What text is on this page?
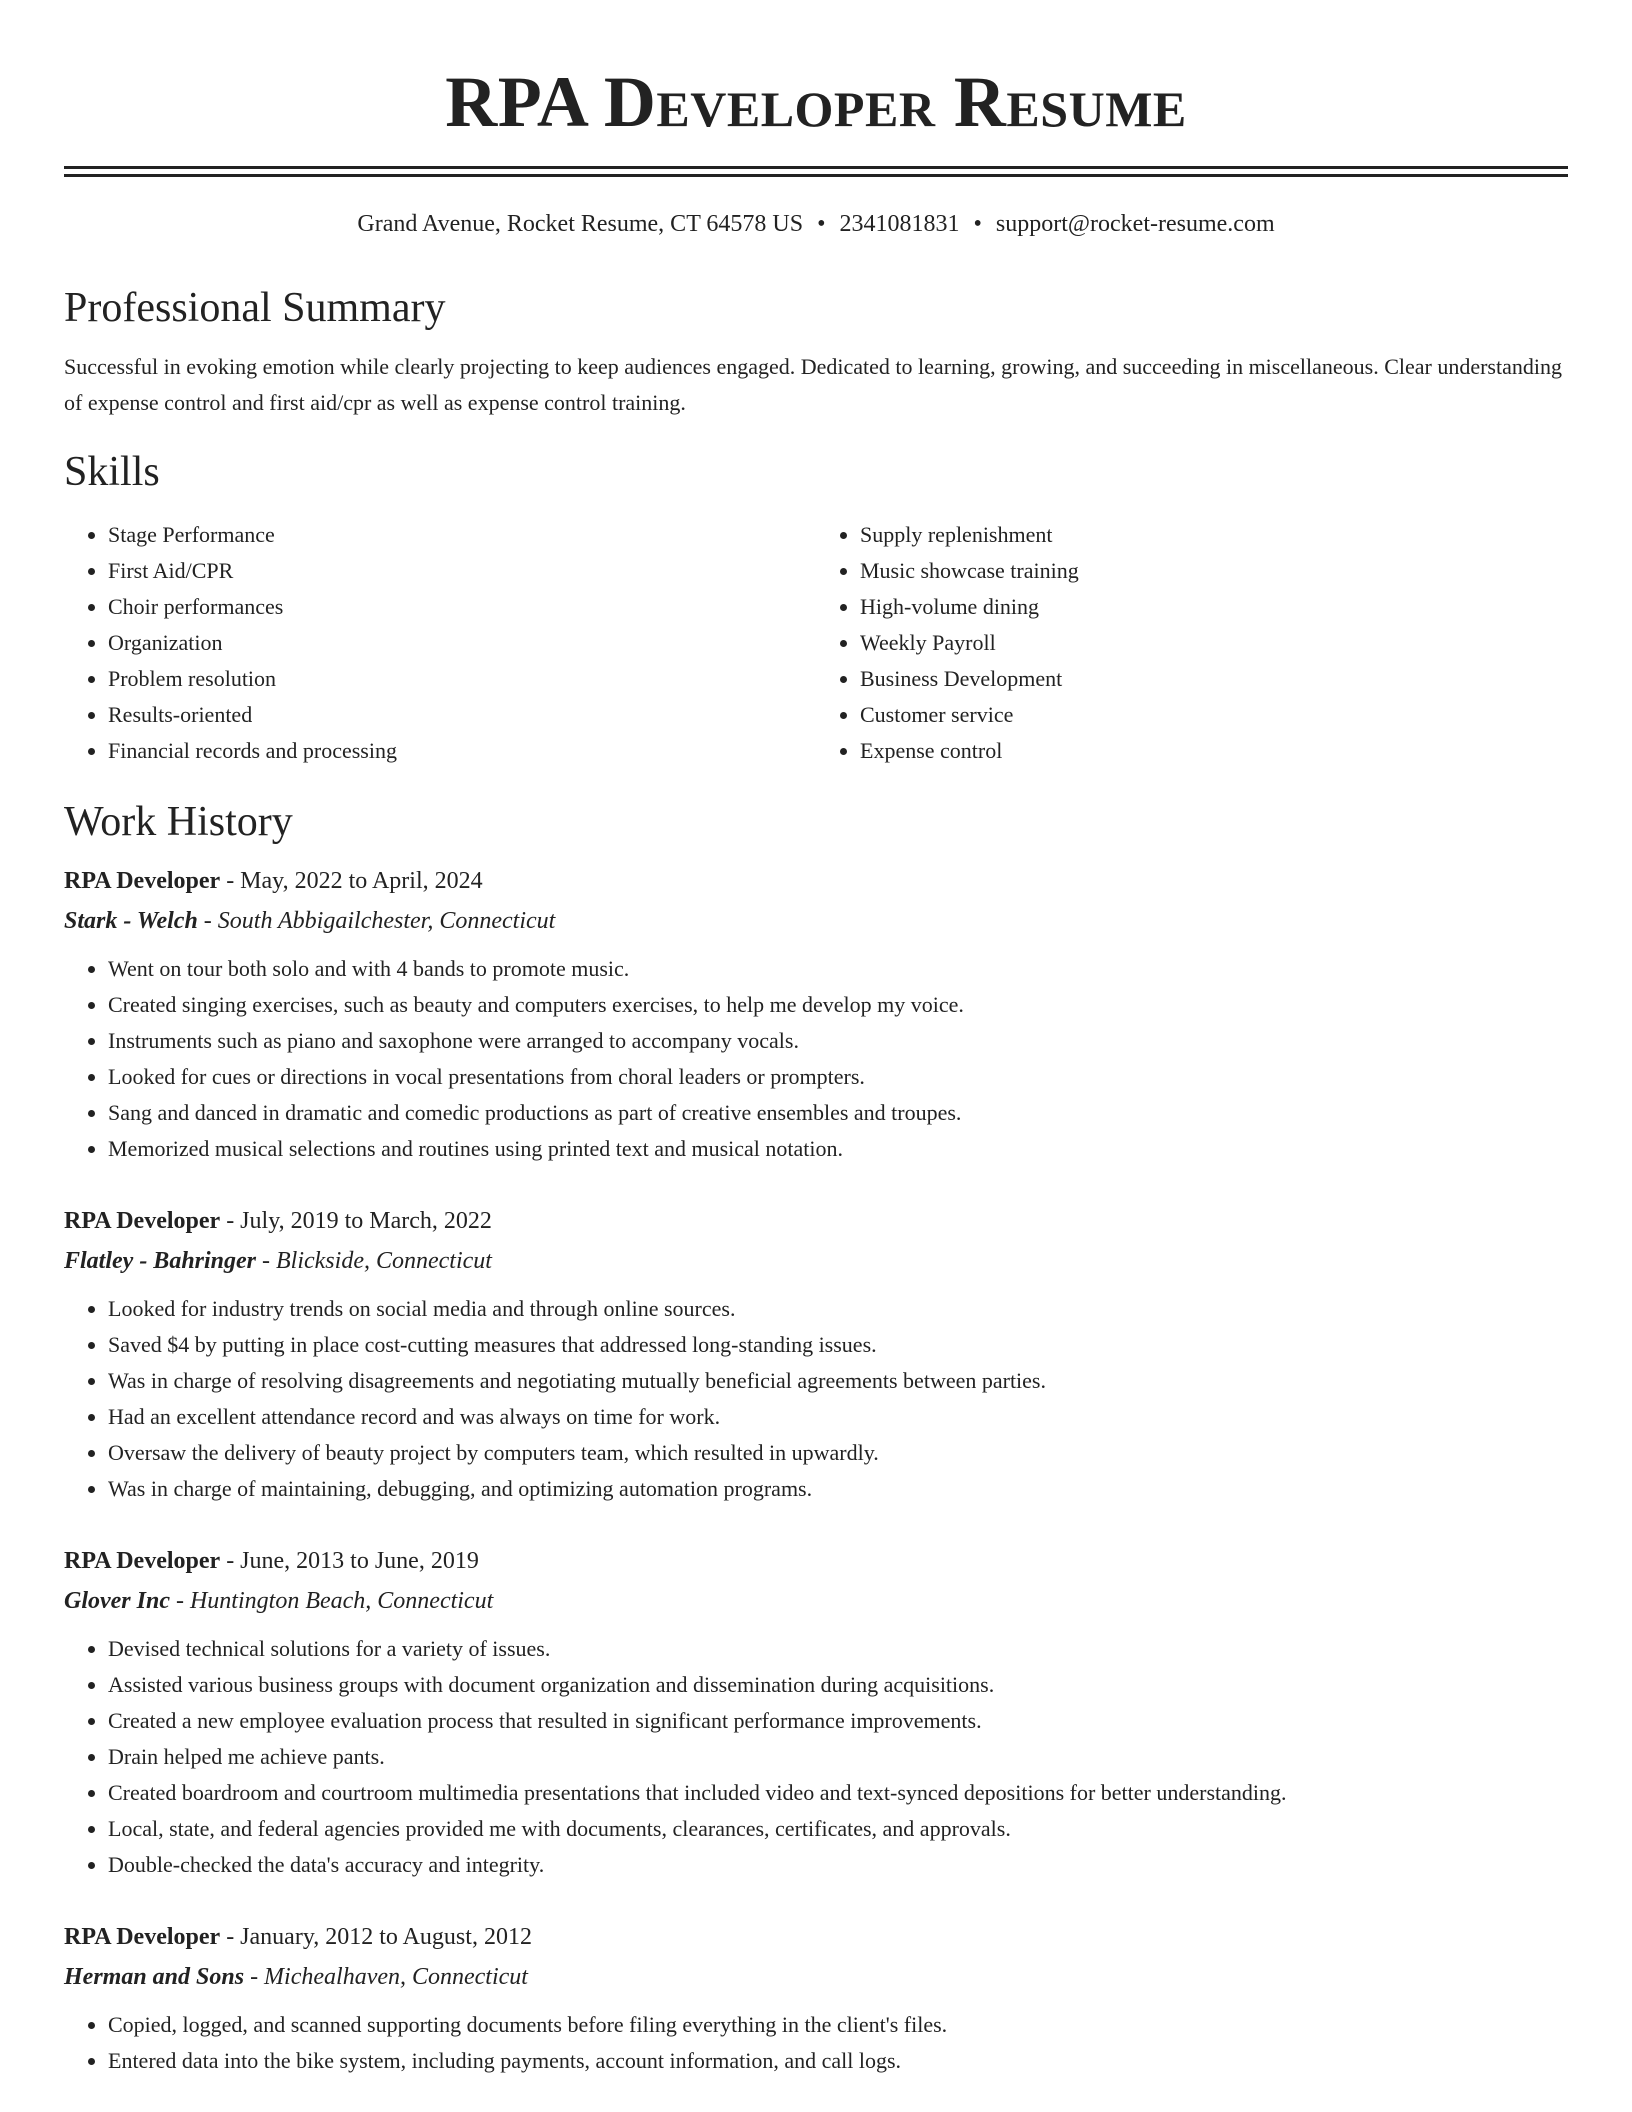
RPA Developer Resume
Grand Avenue, Rocket Resume, CT 64578 US • 2341081831 • support@rocket-resume.com
Professional Summary

Successful in evoking emotion while clearly projecting to keep audiences engaged. Dedicated to learning, growing, and succeeding in miscellaneous. Clear understanding of expense control and first aid/cpr as well as expense control training.

Skills
• Stage Performance
• First Aid/CPR
• Choir performances
• Organization
• Problem resolution
• Results-oriented
• Financial records and processing
• Supply replenishment
• Music showcase training
• High-volume dining
• Weekly Payroll
• Business Development
• Customer service
• Expense control
Work History
RPA Developer - May, 2022 to April, 2024
Stark - Welch - South Abbigailchester, Connecticut
• Went on tour both solo and with 4 bands to promote music.
• Created singing exercises, such as beauty and computers exercises, to help me develop my voice.
• Instruments such as piano and saxophone were arranged to accompany vocals.
• Looked for cues or directions in vocal presentations from choral leaders or prompters.
• Sang and danced in dramatic and comedic productions as part of creative ensembles and troupes.
• Memorized musical selections and routines using printed text and musical notation.
RPA Developer - July, 2019 to March, 2022
Flatley - Bahringer - Blickside, Connecticut
• Looked for industry trends on social media and through online sources.
• Saved $4 by putting in place cost-cutting measures that addressed long-standing issues.
• Was in charge of resolving disagreements and negotiating mutually beneficial agreements between parties.
• Had an excellent attendance record and was always on time for work.
• Oversaw the delivery of beauty project by computers team, which resulted in upwardly.
• Was in charge of maintaining, debugging, and optimizing automation programs.
RPA Developer - June, 2013 to June, 2019
Glover Inc - Huntington Beach, Connecticut
• Devised technical solutions for a variety of issues.
• Assisted various business groups with document organization and dissemination during acquisitions.
• Created a new employee evaluation process that resulted in significant performance improvements.
• Drain helped me achieve pants.
• Created boardroom and courtroom multimedia presentations that included video and text-synced depositions for better understanding.
• Local, state, and federal agencies provided me with documents, clearances, certificates, and approvals.
• Double-checked the data's accuracy and integrity.
RPA Developer - January, 2012 to August, 2012
Herman and Sons - Michealhaven, Connecticut
• Copied, logged, and scanned supporting documents before filing everything in the client's files.
• Entered data into the bike system, including payments, account information, and call logs.
